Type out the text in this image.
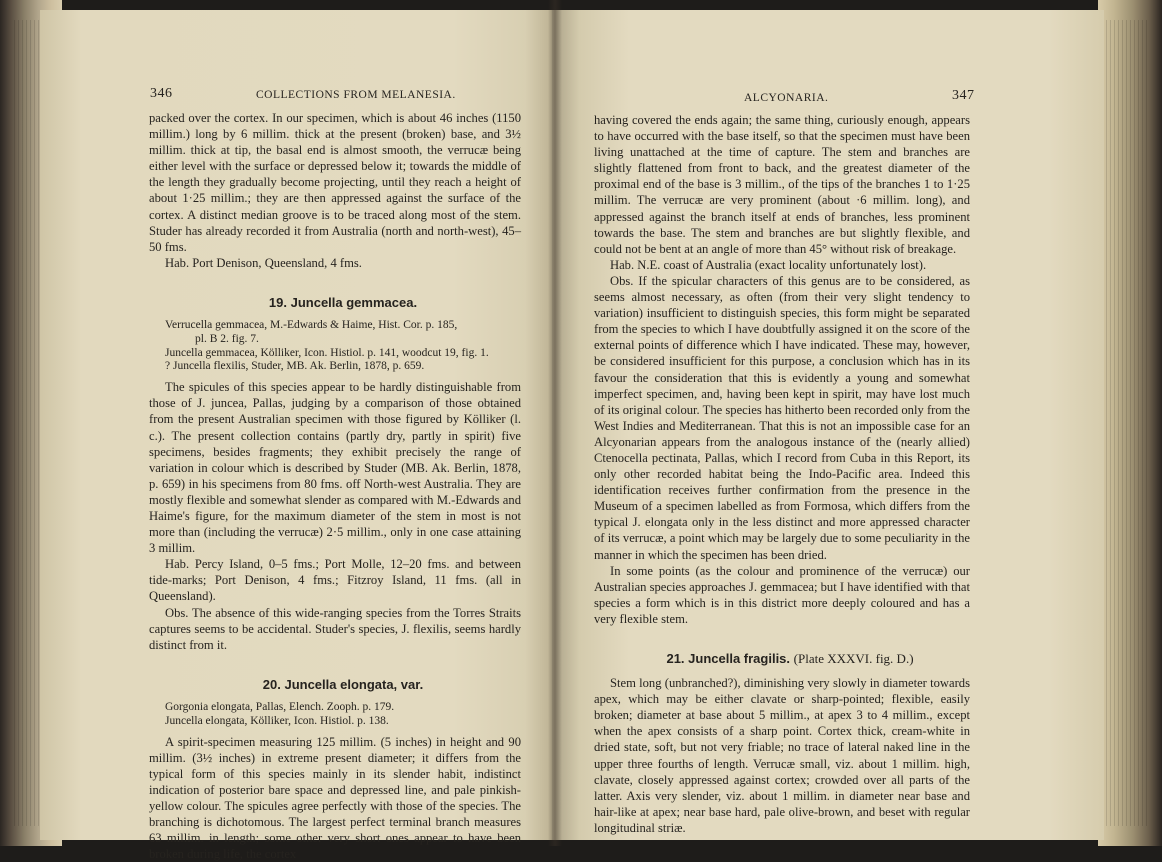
346	COLLECTIONS FROM MELANESIA.

packed over the cortex. In our specimen, which is about 46 inches (1150 millim.) long by 6 millim. thick at the present (broken) base, and 3½ millim. thick at tip, the basal end is almost smooth, the verrucæ being either level with the surface or depressed below it; towards the middle of the length they gradually become projecting, until they reach a height of about 1·25 millim.; they are then appressed against the surface of the cortex. A distinct median groove is to be traced along most of the stem. Studer has already recorded it from Australia (north and north-west), 45–50 fms.

Hab. Port Denison, Queensland, 4 fms.

19. Juncella gemmacea.

Verrucella gemmacea, M.-Edwards & Haime, Hist. Cor. p. 185,
pl. B 2. fig. 7.

Juncella gemmacea, Kölliker, Icon. Histiol. p. 141, woodcut 19, fig. 1.

? Juncella flexilis, Studer, MB. Ak. Berlin, 1878, p. 659.

The spicules of this species appear to be hardly distinguishable from those of J. juncea, Pallas, judging by a comparison of those obtained from the present Australian specimen with those figured by Kölliker (l. c.). The present collection contains (partly dry, partly in spirit) five specimens, besides fragments; they exhibit precisely the range of variation in colour which is described by Studer (MB. Ak. Berlin, 1878, p. 659) in his specimens from 80 fms. off North-west Australia. They are mostly flexible and somewhat slender as compared with M.-Edwards and Haime's figure, for the maximum diameter of the stem in most is not more than (including the verrucæ) 2·5 millim., only in one case attaining 3 millim.

Hab. Percy Island, 0–5 fms.; Port Molle, 12–20 fms. and between tide-marks; Port Denison, 4 fms.; Fitzroy Island, 11 fms. (all in Queensland).

Obs. The absence of this wide-ranging species from the Torres Straits captures seems to be accidental. Studer's species, J. flexilis, seems hardly distinct from it.

20. Juncella elongata, var.

Gorgonia elongata, Pallas, Elench. Zooph. p. 179.

Juncella elongata, Kölliker, Icon. Histiol. p. 138.

A spirit-specimen measuring 125 millim. (5 inches) in height and 90 millim. (3½ inches) in extreme present diameter; it differs from the typical form of this species mainly in its slender habit, indistinct indication of posterior bare space and depressed line, and pale pinkish-yellow colour. The spicules agree perfectly with those of the species. The branching is dichotomous. The largest perfect terminal branch measures 63 millim. in length; some other very short ones appear to have been broken during life, the cortex

ALCYONARIA.	347

having covered the ends again; the same thing, curiously enough, appears to have occurred with the base itself, so that the specimen must have been living unattached at the time of capture. The stem and branches are slightly flattened from front to back, and the greatest diameter of the proximal end of the base is 3 millim., of the tips of the branches 1 to 1·25 millim. The verrucæ are very prominent (about ·6 millim. long), and appressed against the branch itself at ends of branches, less prominent towards the base. The stem and branches are but slightly flexible, and could not be bent at an angle of more than 45° without risk of breakage.

Hab. N.E. coast of Australia (exact locality unfortunately lost).

Obs. If the spicular characters of this genus are to be considered, as seems almost necessary, as often (from their very slight tendency to variation) insufficient to distinguish species, this form might be separated from the species to which I have doubtfully assigned it on the score of the external points of difference which I have indicated. These may, however, be considered insufficient for this purpose, a conclusion which has in its favour the consideration that this is evidently a young and somewhat imperfect specimen, and, having been kept in spirit, may have lost much of its original colour. The species has hitherto been recorded only from the West Indies and Mediterranean. That this is not an impossible case for an Alcyonarian appears from the analogous instance of the (nearly allied) Ctenocella pectinata, Pallas, which I record from Cuba in this Report, its only other recorded habitat being the Indo-Pacific area. Indeed this identification receives further confirmation from the presence in the Museum of a specimen labelled as from Formosa, which differs from the typical J. elongata only in the less distinct and more appressed character of its verrucæ, a point which may be largely due to some peculiarity in the manner in which the specimen has been dried.

In some points (as the colour and prominence of the verrucæ) our Australian species approaches J. gemmacea; but I have identified with that species a form which is in this district more deeply coloured and has a very flexible stem.

21. Juncella fragilis. (Plate XXXVI. fig. D.)

Stem long (unbranched?), diminishing very slowly in diameter towards apex, which may be either clavate or sharp-pointed; flexible, easily broken; diameter at base about 5 millim., at apex 3 to 4 millim., except when the apex consists of a sharp point. Cortex thick, cream-white in dried state, soft, but not very friable; no trace of lateral naked line in the upper three fourths of length. Verrucæ small, viz. about 1 millim. high, clavate, closely appressed against cortex; crowded over all parts of the latter. Axis very slender, viz. about 1 millim. in diameter near base and hair-like at apex; near base hard, pale olive-brown, and beset with regular longitudinal striæ.
